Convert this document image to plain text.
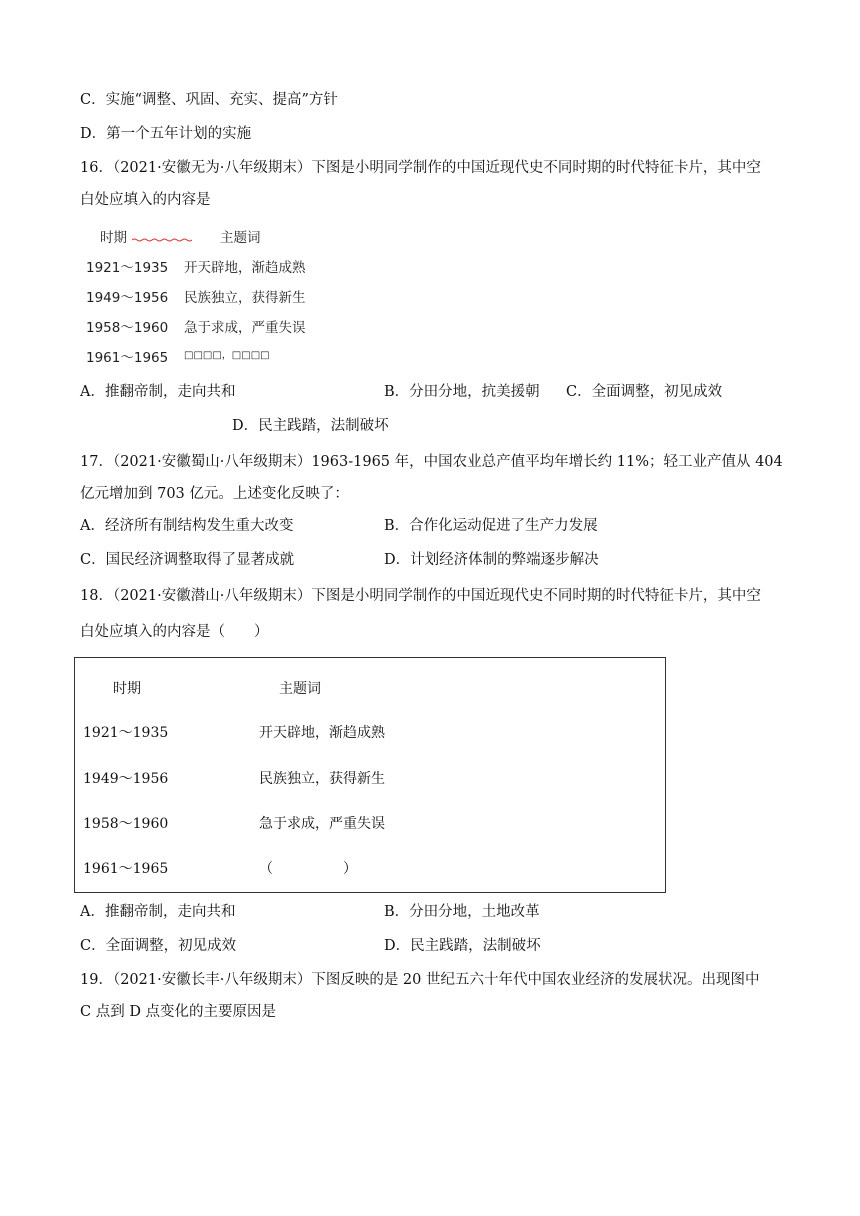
C．实施“调整、巩固、充实、提高”方针
D．第一个五年计划的实施
16．（2021·安徽无为·八年级期末）下图是小明同学制作的中国近现代史不同时期的时代特征卡片，其中空
白处应填入的内容是
时期	主题词
1921～1935 开天辟地，渐趋成熟
1949～1956 民族独立，获得新生
1958～1960 急于求成，严重失误
1961～1965 □□□□，□□□□
A．推翻帝制，走向共和	B．分田分地，抗美援朝 C．全面调整，初见成效
D．民主践踏，法制破坏
17．（2021·安徽蜀山·八年级期末）1963-1965 年，中国农业总产值平均年增长约 11%；轻工业产值从 404
亿元增加到 703 亿元。上述变化反映了：
A．经济所有制结构发生重大改变	B．合作化运动促进了生产力发展
C．国民经济调整取得了显著成就	D．计划经济体制的弊端逐步解决
18．（2021·安徽潜山·八年级期末）下图是小明同学制作的中国近现代史不同时期的时代特征卡片，其中空
白处应填入的内容是（　　）
时期	主题词
1921～1935	开天辟地，渐趋成熟
1949～1956	民族独立，获得新生
1958～1960	急于求成，严重失误
1961～1965	（　　　　　）
A．推翻帝制，走向共和	B．分田分地，土地改革
C．全面调整，初见成效	D．民主践踏，法制破坏
19．（2021·安徽长丰·八年级期末）下图反映的是 20 世纪五六十年代中国农业经济的发展状况。出现图中
C 点到 D 点变化的主要原因是
